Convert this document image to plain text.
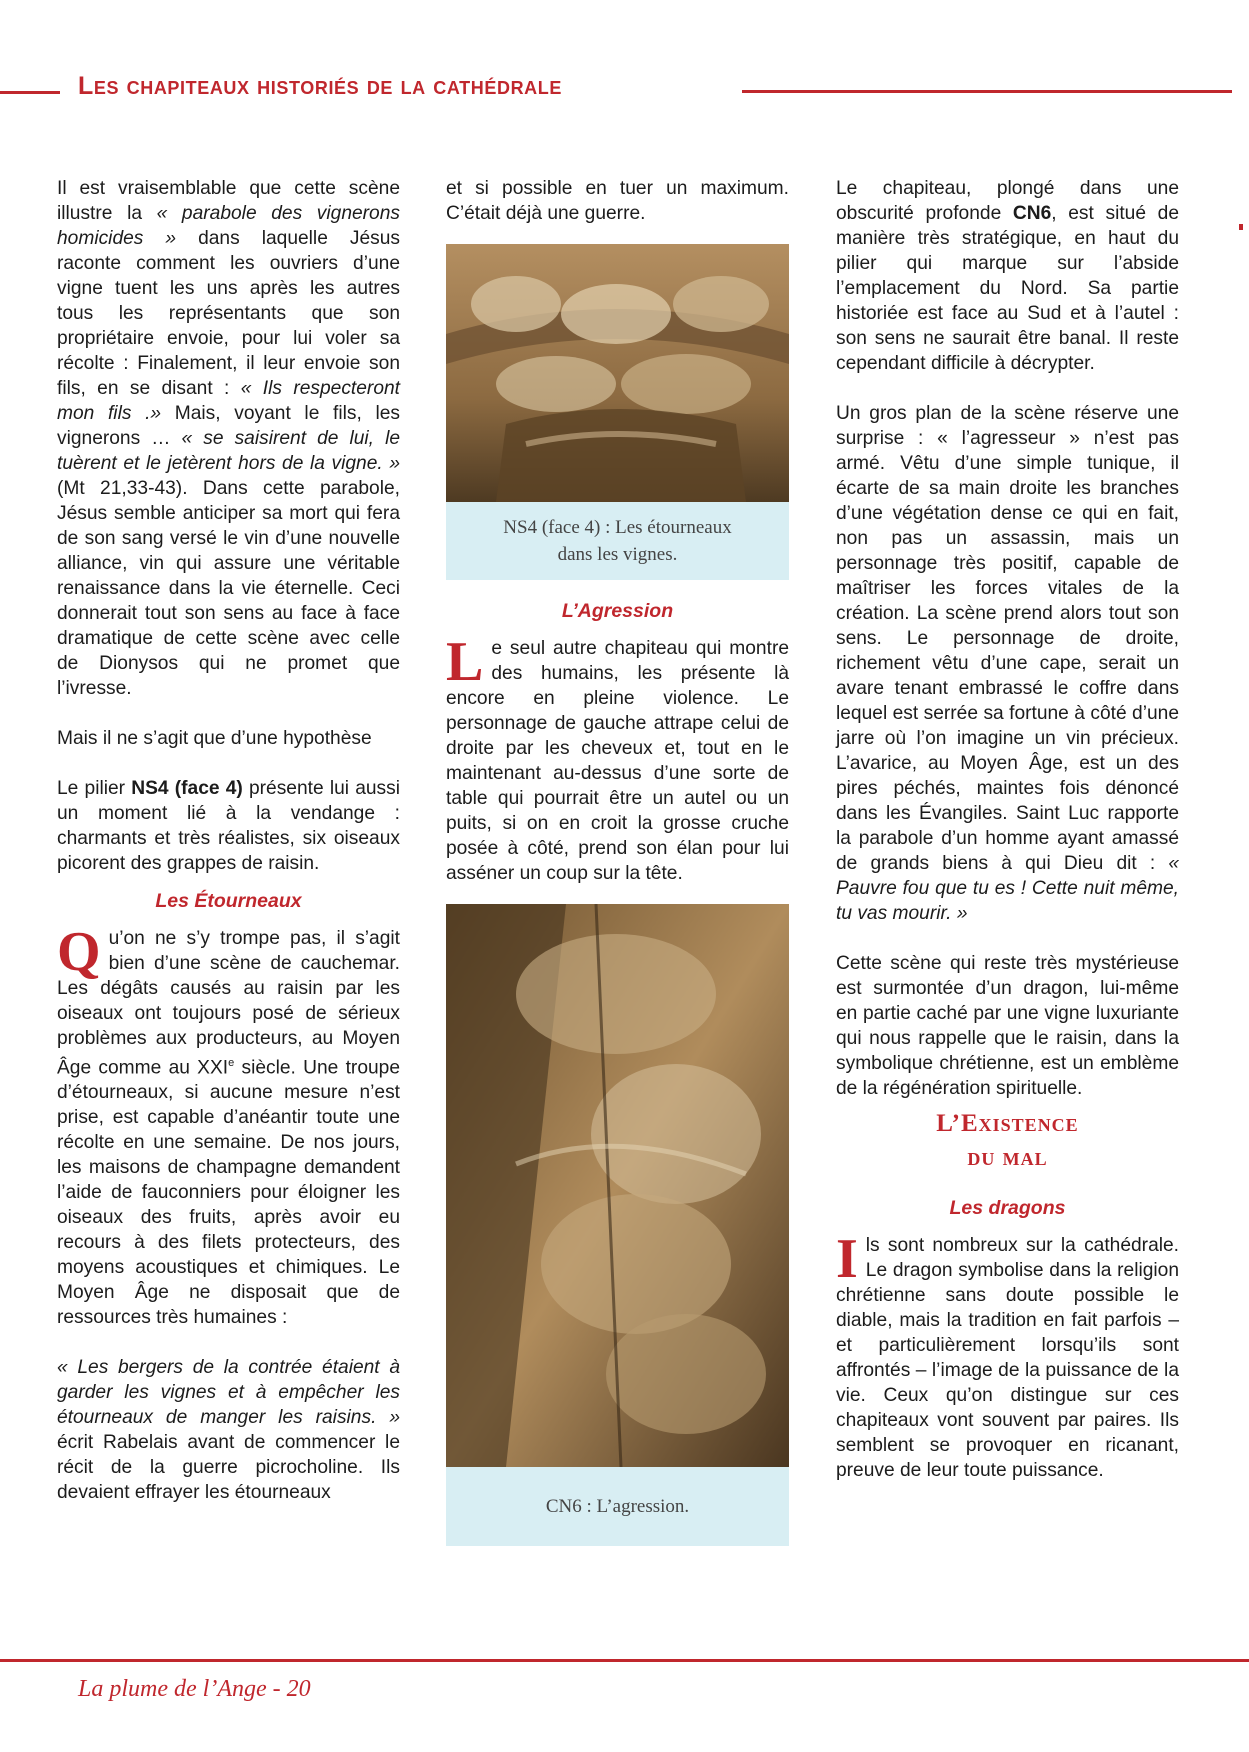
Les chapiteaux historiés de la cathédrale

Il est vraisemblable que cette scène illustre la « parabole des vignerons homicides » dans laquelle Jésus raconte comment les ouvriers d’une vigne tuent les uns après les autres tous les représentants que son propriétaire envoie, pour lui voler sa récolte : Finalement, il leur envoie son fils, en se disant : « Ils respecteront mon fils .» Mais, voyant le fils, les vignerons … « se saisirent de lui, le tuèrent et le jetèrent hors de la vigne. » (Mt 21,33-43). Dans cette parabole, Jésus semble anticiper sa mort qui fera de son sang versé le vin d’une nouvelle alliance, vin qui assure une véritable renaissance dans la vie éternelle. Ceci donnerait tout son sens au face à face dramatique de cette scène avec celle de Dionysos qui ne promet que l’ivresse.

Mais il ne s’agit que d’une hypothèse

Le pilier NS4 (face 4) présente lui aussi un moment lié à la vendange : charmants et très réalistes, six oiseaux picorent des grappes de raisin.

Les Étourneaux

Qu’on ne s’y trompe pas, il s’agit bien d’une scène de cauchemar. Les dégâts causés au raisin par les oiseaux ont toujours posé de sérieux problèmes aux producteurs, au Moyen Âge comme au XXIe siècle. Une troupe d’étourneaux, si aucune mesure n’est prise, est capable d’anéantir toute une récolte en une semaine. De nos jours, les maisons de champagne demandent l’aide de fauconniers pour éloigner les oiseaux des fruits, après avoir eu recours à des filets protecteurs, des moyens acoustiques et chimiques. Le Moyen Âge ne disposait que de ressources très humaines :

« Les bergers de la contrée étaient à garder les vignes et à empêcher les étourneaux de manger les raisins. » écrit Rabelais avant de commencer le récit de la guerre picrocholine. Ils devaient effrayer les étourneaux

et si possible en tuer un maximum. C’était déjà une guerre.

NS4 (face 4) : Les étourneaux
dans les vignes.
L’Agression

Le seul autre chapiteau qui montre des humains, les présente là encore en pleine violence. Le personnage de gauche attrape celui de droite par les cheveux et, tout en le maintenant au-dessus d’une sorte de table qui pourrait être un autel ou un puits, si on en croit la grosse cruche posée à côté, prend son élan pour lui asséner un coup sur la tête.

CN6 : L’agression.

Le chapiteau, plongé dans une obscurité profonde CN6, est situé de manière très stratégique, en haut du pilier qui marque sur l’abside l’emplacement du Nord. Sa partie historiée est face au Sud et à l’autel : son sens ne saurait être banal. Il reste cependant difficile à décrypter.

Un gros plan de la scène réserve une surprise : « l’agresseur » n’est pas armé. Vêtu d’une simple tunique, il écarte de sa main droite les branches d’une végétation dense ce qui en fait, non pas un assassin, mais un personnage très positif, capable de maîtriser les forces vitales de la création. La scène prend alors tout son sens. Le personnage de droite, richement vêtu d’une cape, serait un avare tenant embrassé le coffre dans lequel est serrée sa fortune à côté d’une jarre où l’on imagine un vin précieux. L’avarice, au Moyen Âge, est un des pires péchés, maintes fois dénoncé dans les Évangiles. Saint Luc rapporte la parabole d’un homme ayant amassé de grands biens à qui Dieu dit : « Pauvre fou que tu es ! Cette nuit même, tu vas mourir. »

Cette scène qui reste très mystérieuse est surmontée d’un dragon, lui-même en partie caché par une vigne luxuriante qui nous rappelle que le raisin, dans la symbolique chrétienne, est un emblème de la régénération spirituelle.

L’Existence
du mal
Les dragons

Ils sont nombreux sur la cathédrale. Le dragon symbolise dans la religion chrétienne sans doute possible le diable, mais la tradition en fait parfois – et particulièrement lorsqu’ils sont affrontés – l’image de la puissance de la vie. Ceux qu’on distingue sur ces chapiteaux vont souvent par paires. Ils semblent se provoquer en ricanant, preuve de leur toute puissance.

La plume de l’Ange - 20
